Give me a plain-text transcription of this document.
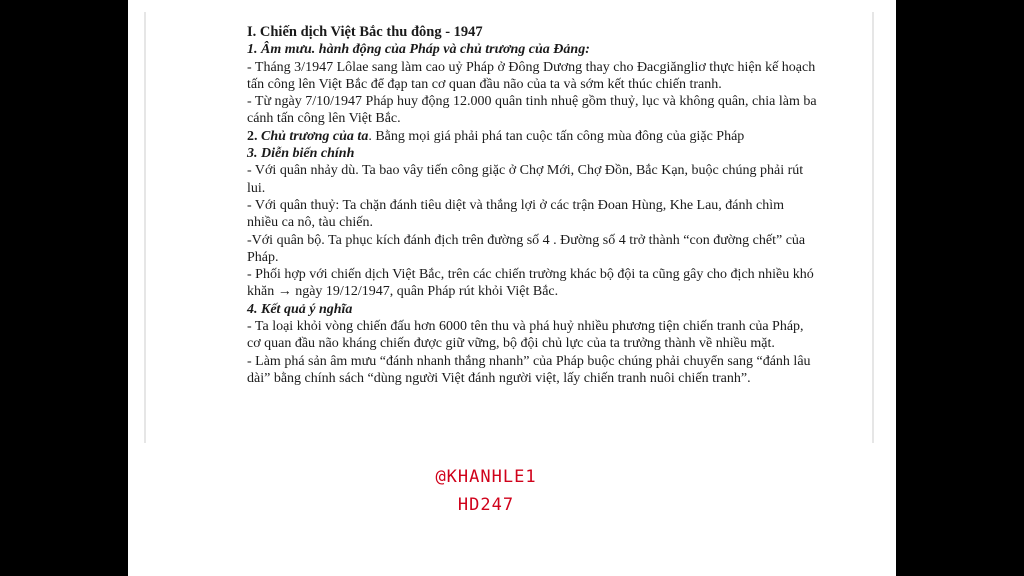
I. Chiến dịch Việt Bắc thu đông - 1947

1. Âm mưu. hành động của Pháp và chủ trương của Đảng:

- Tháng 3/1947 Lôlae sang làm cao uỷ Pháp ở Đông Dương thay cho Đacgiăngliơ thực hiện kế hoạch tấn công lên Việt Bắc để đạp tan cơ quan đầu não của ta và sớm kết thúc chiến tranh.

- Từ ngày 7/10/1947 Pháp huy động 12.000 quân tinh nhuệ gồm thuỷ, lục và không quân, chia làm ba cánh tấn công lên Việt Bắc.

2. Chủ trương của ta. Bằng mọi giá phải phá tan cuộc tấn công mùa đông của giặc Pháp

3. Diễn biến chính

- Với quân nhảy dù. Ta bao vây tiến công giặc ở Chợ Mới, Chợ Đồn, Bắc Kạn, buộc chúng phải rút lui.

- Với quân thuỷ: Ta chặn đánh tiêu diệt và thắng lợi ở các trận Đoan Hùng, Khe Lau, đánh chìm nhiều ca nô, tàu chiến.

-Với quân bộ. Ta phục kích đánh địch trên đường số 4 . Đường số 4 trở thành “con đường chết” của Pháp.

- Phối hợp với chiến dịch Việt Bắc, trên các chiến trường khác bộ đội ta cũng gây cho địch nhiều khó khăn → ngày 19/12/1947, quân Pháp rút khỏi Việt Bắc.

4. Kết quả ý nghĩa

- Ta loại khỏi vòng chiến đấu hơn 6000 tên thu và phá huỷ nhiều phương tiện chiến tranh của Pháp, cơ quan đầu não kháng chiến được giữ vững, bộ đội chủ lực của ta trưởng thành về nhiều mặt.

- Làm phá sản âm mưu “đánh nhanh thắng nhanh” của Pháp buộc chúng phải chuyển sang “đánh lâu dài” bằng chính sách “dùng người Việt đánh người việt, lấy chiến tranh nuôi chiến tranh”.

@KHANHLE1
HD247
